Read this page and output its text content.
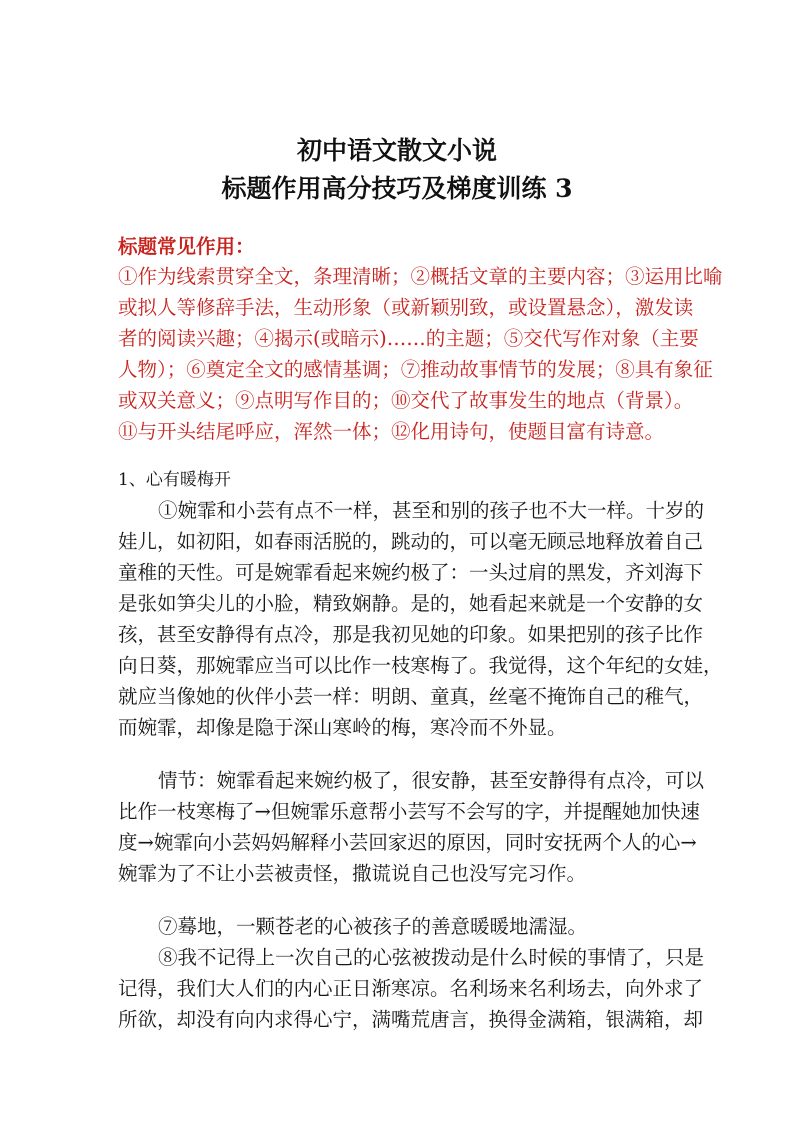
初中语文散文小说
标题作用高分技巧及梯度训练 3
标题常见作用：
①作为线索贯穿全文，条理清晰；②概括文章的主要内容；③运用比喻
或拟人等修辞手法，生动形象（或新颖别致，或设置悬念），激发读
者的阅读兴趣；④揭示(或暗示)……的主题；⑤交代写作对象（主要
人物）；⑥奠定全文的感情基调；⑦推动故事情节的发展；⑧具有象征
或双关意义；⑨点明写作目的；⑩交代了故事发生的地点（背景）。
⑪与开头结尾呼应，浑然一体；⑫化用诗句，使题目富有诗意。
1、心有暖梅开
①婉霏和小芸有点不一样，甚至和别的孩子也不大一样。十岁的
娃儿，如初阳，如春雨活脱的，跳动的，可以毫无顾忌地释放着自己
童稚的天性。可是婉霏看起来婉约极了：一头过肩的黑发，齐刘海下
是张如笋尖儿的小脸，精致娴静。是的，她看起来就是一个安静的女
孩，甚至安静得有点冷，那是我初见她的印象。如果把别的孩子比作
向日葵，那婉霏应当可以比作一枝寒梅了。我觉得，这个年纪的女娃，
就应当像她的伙伴小芸一样：明朗、童真，丝毫不掩饰自己的稚气，
而婉霏，却像是隐于深山寒岭的梅，寒冷而不外显。
情节：婉霏看起来婉约极了，很安静，甚至安静得有点冷，可以
比作一枝寒梅了→但婉霏乐意帮小芸写不会写的字，并提醒她加快速
度→婉霏向小芸妈妈解释小芸回家迟的原因，同时安抚两个人的心→
婉霏为了不让小芸被责怪，撒谎说自己也没写完习作。
⑦蓦地，一颗苍老的心被孩子的善意暖暖地濡湿。
⑧我不记得上一次自己的心弦被拨动是什么时候的事情了，只是
记得，我们大人们的内心正日渐寒凉。名利场来名利场去，向外求了
所欲，却没有向内求得心宁，满嘴荒唐言，换得金满箱，银满箱，却
